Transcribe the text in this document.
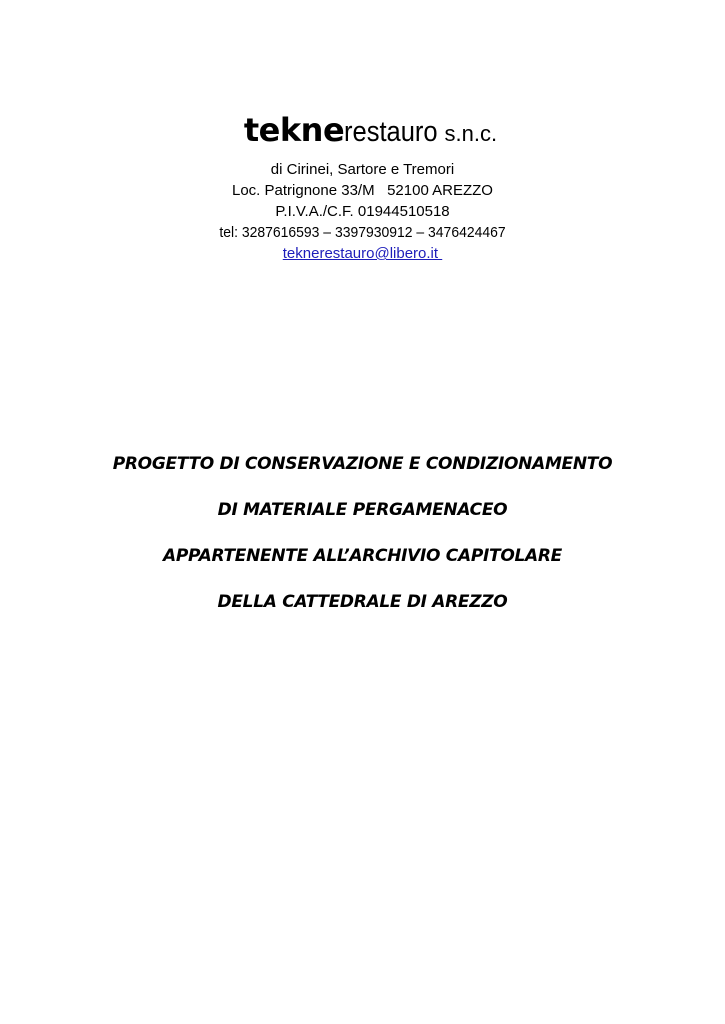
teknerestauro s.n.c.
di Cirinei, Sartore e Tremori
Loc. Patrignone 33/M   52100 AREZZO
P.I.V.A./C.F. 01944510518
tel: 3287616593 – 3397930912 – 3476424467
teknerestauro@libero.it
PROGETTO DI CONSERVAZIONE E CONDIZIONAMENTO
DI MATERIALE PERGAMENACEO
APPARTENENTE ALL’ARCHIVIO CAPITOLARE
DELLA CATTEDRALE DI AREZZO
